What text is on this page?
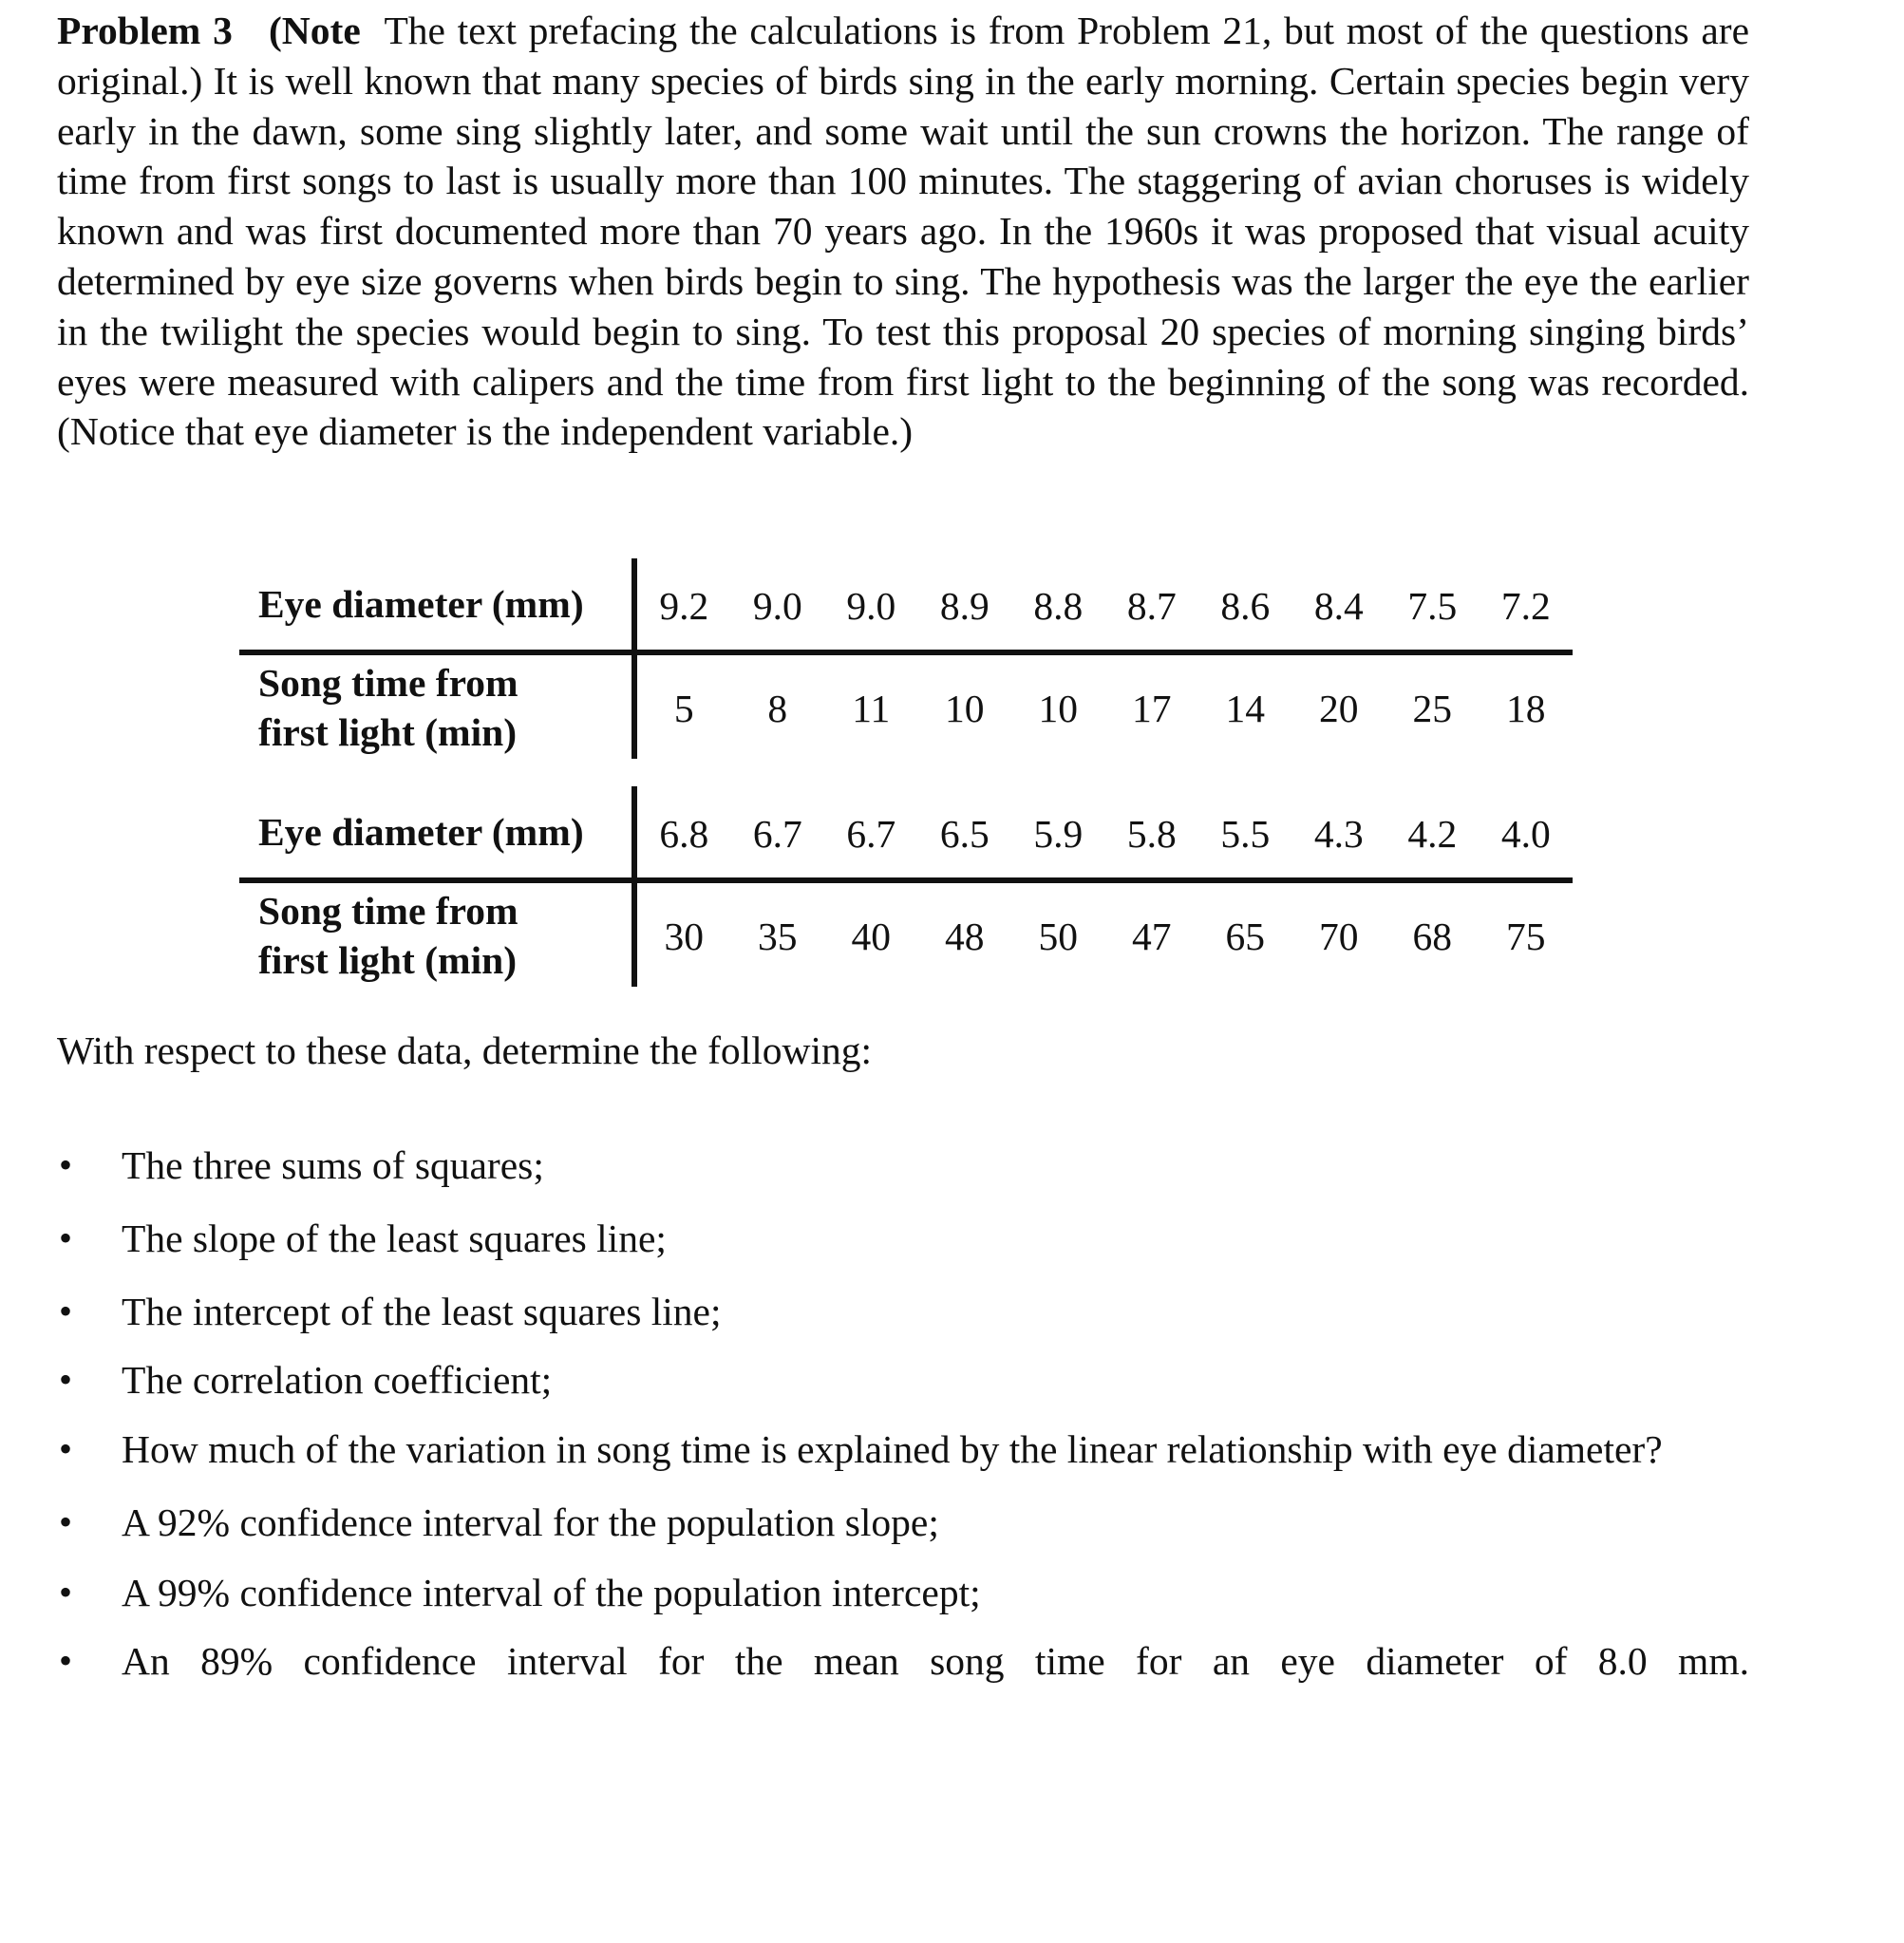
Problem 3 (Note The text prefacing the calculations is from Problem 21, but most of the questions are original.) It is well known that many species of birds sing in the early morning. Certain species begin very early in the dawn, some sing slightly later, and some wait until the sun crowns the horizon. The range of time from first songs to last is usually more than 100 minutes. The staggering of avian choruses is widely known and was first documented more than 70 years ago. In the 1960s it was proposed that visual acuity determined by eye size governs when birds begin to sing. The hypothesis was the larger the eye the earlier in the twilight the species would begin to sing. To test this proposal 20 species of morning singing birds’ eyes were measured with calipers and the time from first light to the beginning of the song was recorded. (Notice that eye diameter is the independent variable.)

Eye diameter (mm)	9.2	9.0	9.0	8.9	8.8	8.7	8.6	8.4	7.5	7.2
Song time from
first light (min)	5	8	11	10	10	17	14	20	25	18
Eye diameter (mm)	6.8	6.7	6.7	6.5	5.9	5.8	5.5	4.3	4.2	4.0
Song time from
first light (min)	30	35	40	48	50	47	65	70	68	75

With respect to these data, determine the following:

• The three sums of squares;
• The slope of the least squares line;
• The intercept of the least squares line;
• The correlation coefficient;
• How much of the variation in song time is explained by the linear relationship with eye diameter?
• A 92% confidence interval for the population slope;
• A 99% confidence interval of the population intercept;
• An 89% confidence interval for the mean song time for an eye diameter of 8.0 mm.
